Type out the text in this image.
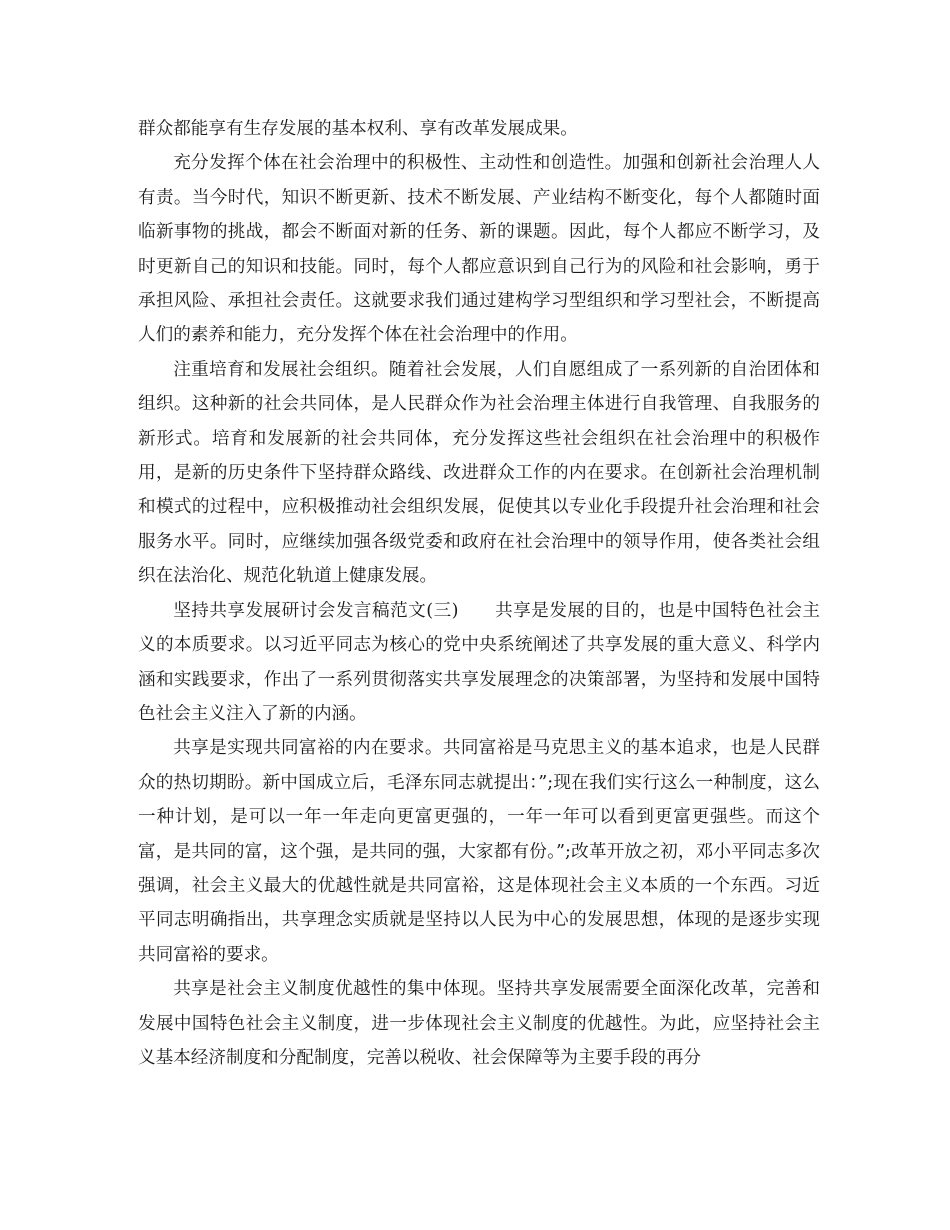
群众都能享有生存发展的基本权利、享有改革发展成果。

充分发挥个体在社会治理中的积极性、主动性和创造性。加强和创新社会治理人人有责。当今时代，知识不断更新、技术不断发展、产业结构不断变化，每个人都随时面临新事物的挑战，都会不断面对新的任务、新的课题。因此，每个人都应不断学习，及时更新自己的知识和技能。同时，每个人都应意识到自己行为的风险和社会影响，勇于承担风险、承担社会责任。这就要求我们通过建构学习型组织和学习型社会，不断提高人们的素养和能力，充分发挥个体在社会治理中的作用。

注重培育和发展社会组织。随着社会发展，人们自愿组成了一系列新的自治团体和组织。这种新的社会共同体，是人民群众作为社会治理主体进行自我管理、自我服务的新形式。培育和发展新的社会共同体，充分发挥这些社会组织在社会治理中的积极作用，是新的历史条件下坚持群众路线、改进群众工作的内在要求。在创新社会治理机制和模式的过程中，应积极推动社会组织发展，促使其以专业化手段提升社会治理和社会服务水平。同时，应继续加强各级党委和政府在社会治理中的领导作用，使各类社会组织在法治化、规范化轨道上健康发展。

坚持共享发展研讨会发言稿范文(三)　　共享是发展的目的，也是中国特色社会主义的本质要求。以习近平同志为核心的党中央系统阐述了共享发展的重大意义、科学内涵和实践要求，作出了一系列贯彻落实共享发展理念的决策部署，为坚持和发展中国特色社会主义注入了新的内涵。

共享是实现共同富裕的内在要求。共同富裕是马克思主义的基本追求，也是人民群众的热切期盼。新中国成立后，毛泽东同志就提出：”;现在我们实行这么一种制度，这么一种计划，是可以一年一年走向更富更强的，一年一年可以看到更富更强些。而这个富，是共同的富，这个强，是共同的强，大家都有份。”;改革开放之初，邓小平同志多次强调，社会主义最大的优越性就是共同富裕，这是体现社会主义本质的一个东西。习近平同志明确指出，共享理念实质就是坚持以人民为中心的发展思想，体现的是逐步实现共同富裕的要求。

共享是社会主义制度优越性的集中体现。坚持共享发展需要全面深化改革，完善和发展中国特色社会主义制度，进一步体现社会主义制度的优越性。为此，应坚持社会主义基本经济制度和分配制度，完善以税收、社会保障等为主要手段的再分
